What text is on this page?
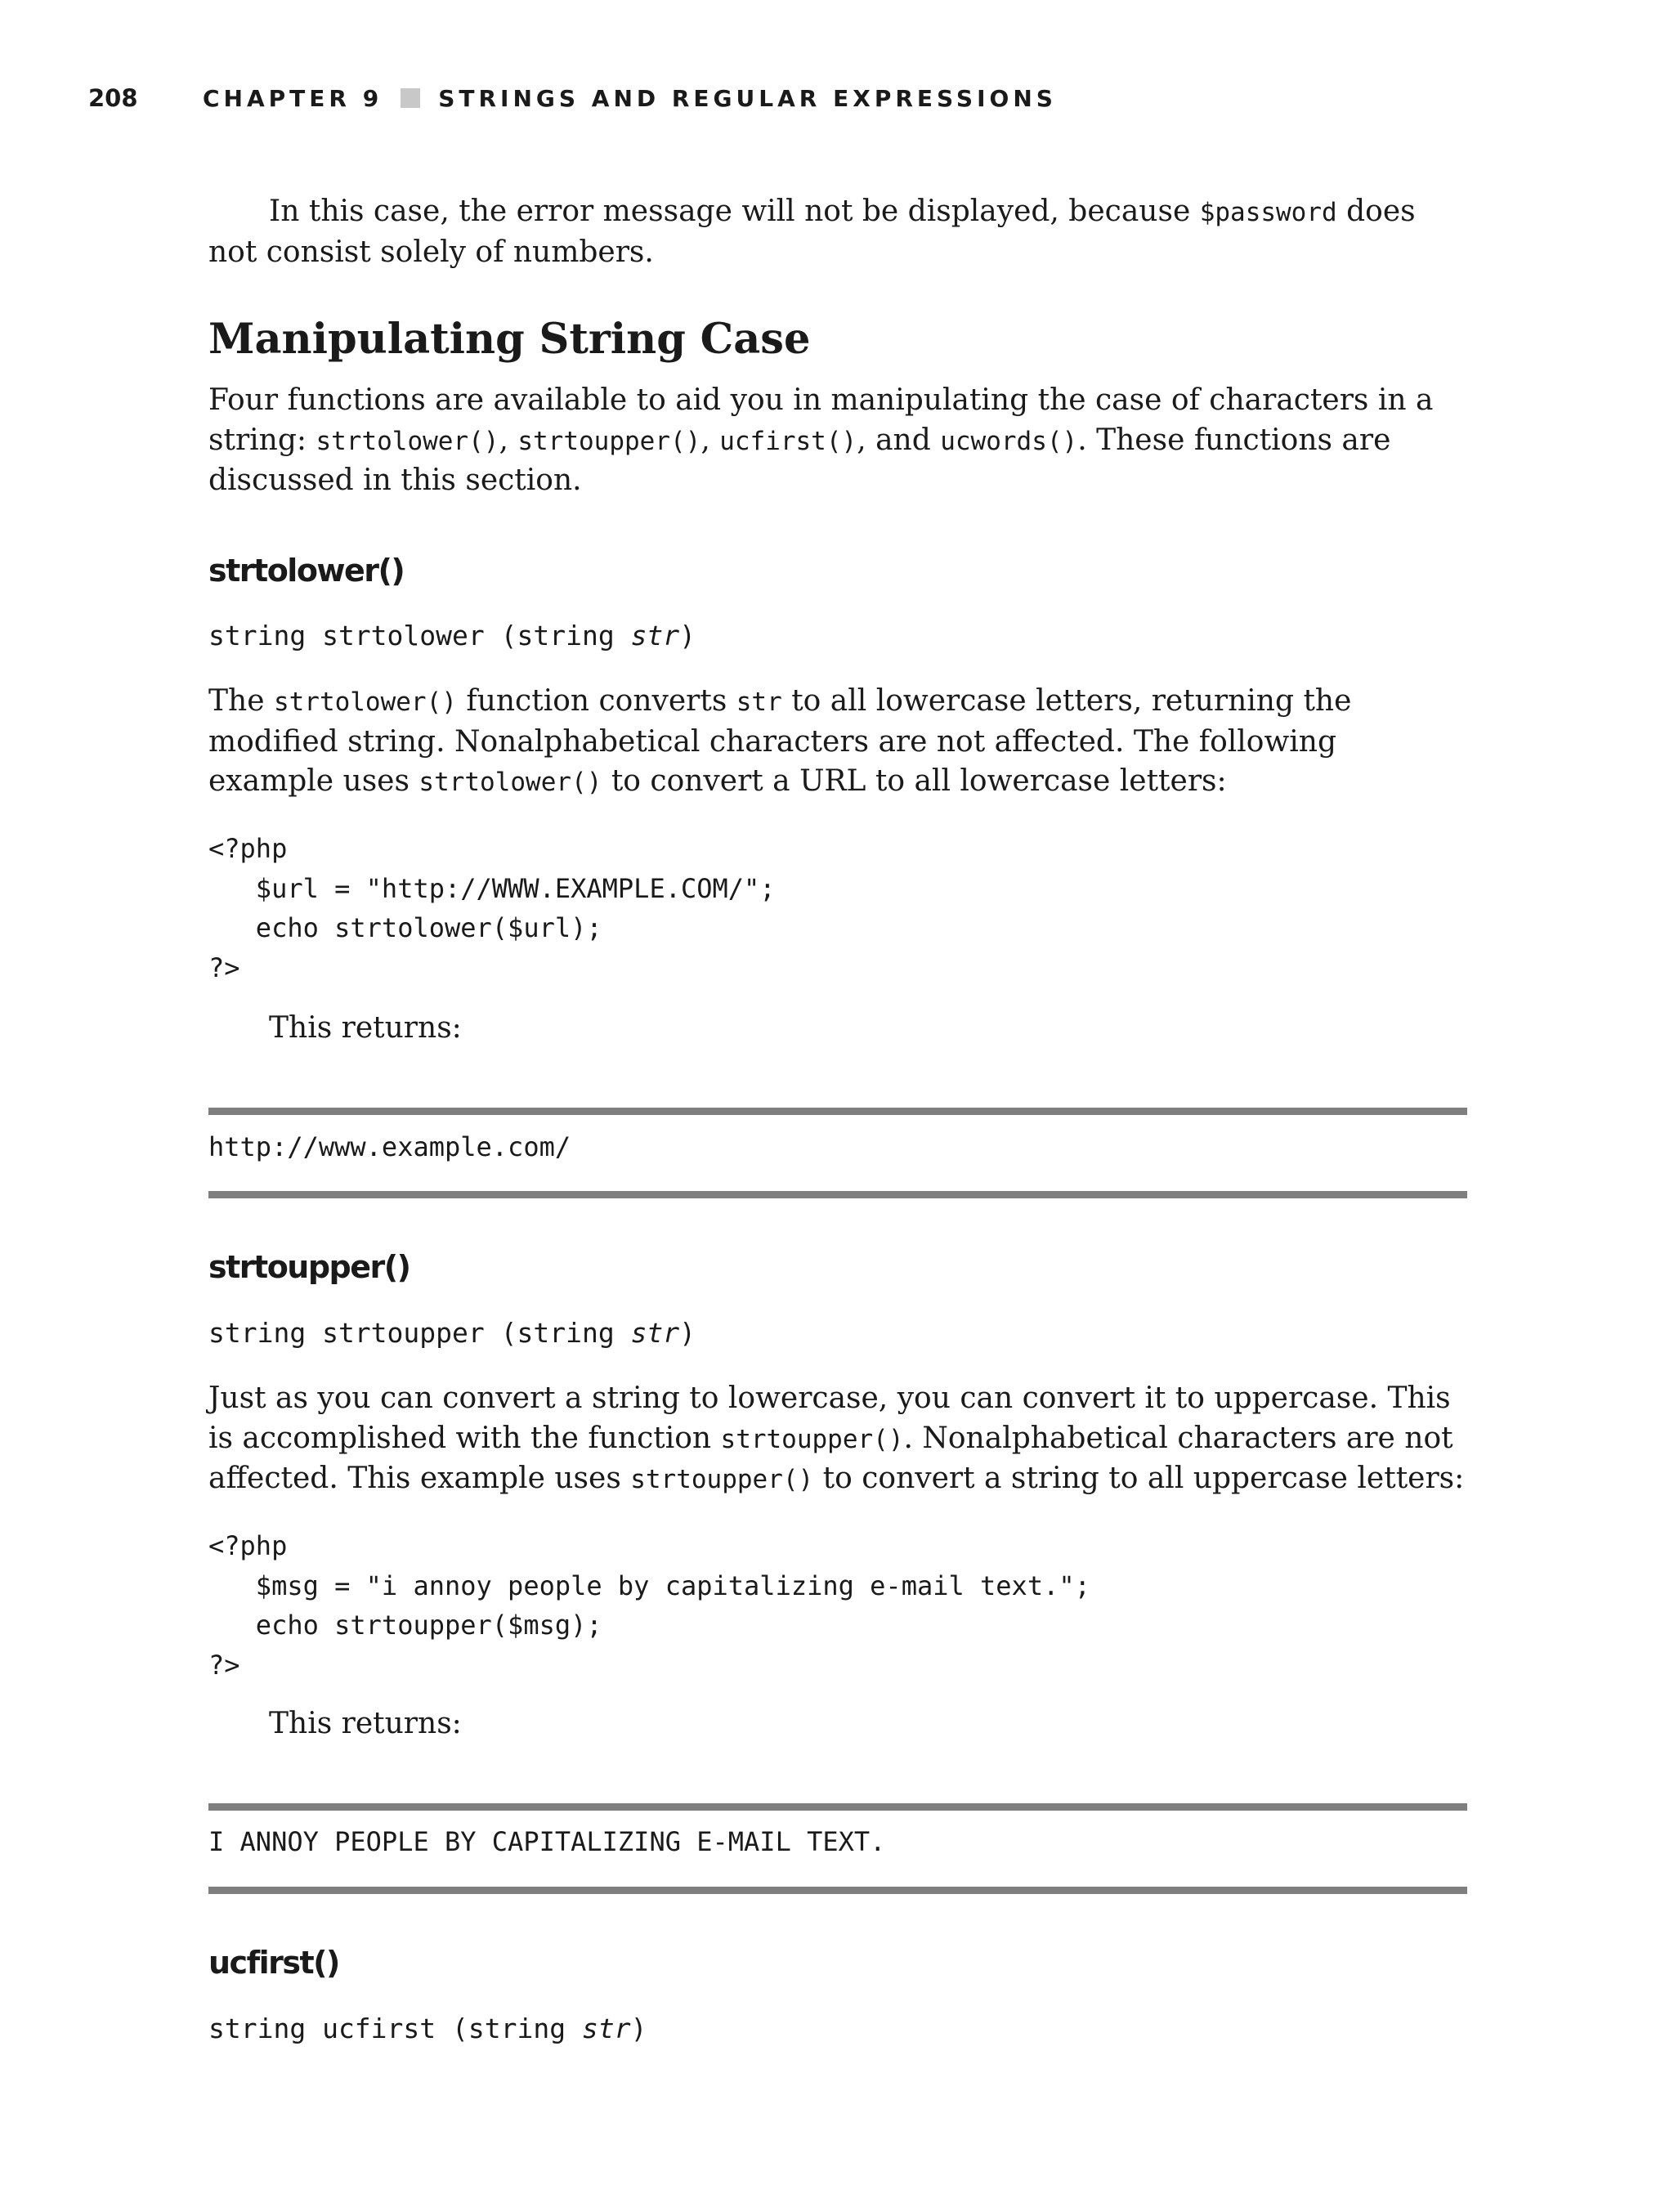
208	CHAPTER 9 STRINGS AND REGULAR EXPRESSIONS

In this case, the error message will not be displayed, because $password does not consist solely of numbers.

Manipulating String Case

Four functions are available to aid you in manipulating the case of characters in a string: strtolower(), strtoupper(), ucfirst(), and ucwords(). These functions are discussed in this section.

strtolower()
string strtolower (string str)

The strtolower() function converts str to all lowercase letters, returning the modified string. Nonalphabetical characters are not affected. The following example uses strtolower() to convert a URL to all lowercase letters:

<?php
$url = "http://WWW.EXAMPLE.COM/";
echo strtolower($url);
?>

This returns:

http://www.example.com/
strtoupper()
string strtoupper (string str)

Just as you can convert a string to lowercase, you can convert it to uppercase. This is accomplished with the function strtoupper(). Nonalphabetical characters are not affected. This example uses strtoupper() to convert a string to all uppercase letters:

<?php
$msg = "i annoy people by capitalizing e-mail text.";
echo strtoupper($msg);
?>

This returns:

I ANNOY PEOPLE BY CAPITALIZING E-MAIL TEXT.
ucfirst()
string ucfirst (string str)
